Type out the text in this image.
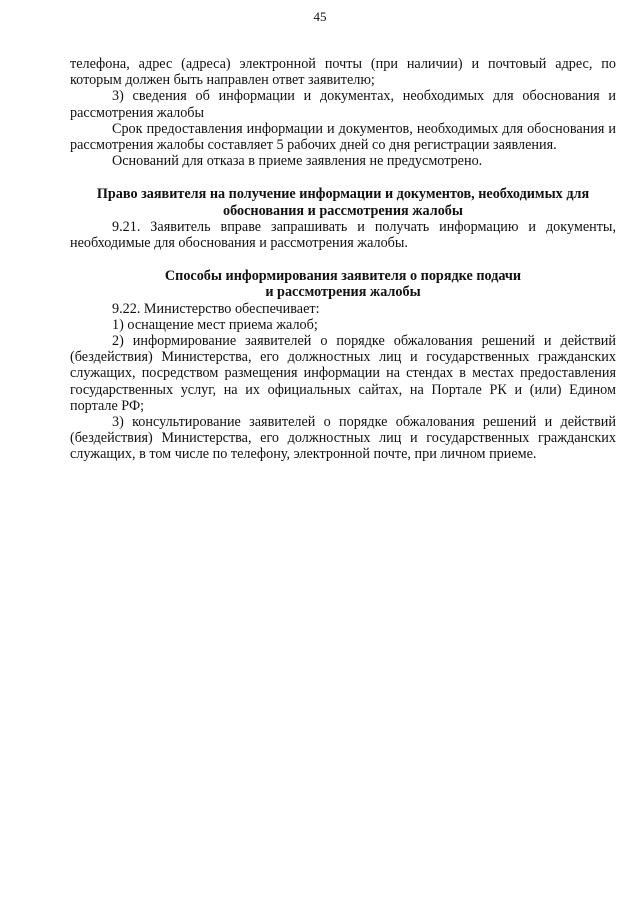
45

телефона, адрес (адреса) электронной почты (при наличии) и почтовый адрес, по которым должен быть направлен ответ заявителю;

3) сведения об информации и документах, необходимых для обоснования и рассмотрения жалобы

Срок предоставления информации и документов, необходимых для обоснования и рассмотрения жалобы составляет 5 рабочих дней со дня регистрации заявления.

Оснований для отказа в приеме заявления не предусмотрено.

Право заявителя на получение информации и документов, необходимых для
обоснования и рассмотрения жалобы

9.21. Заявитель вправе запрашивать и получать информацию и документы, необходимые для обоснования и рассмотрения жалобы.

Способы информирования заявителя о порядке подачи
и рассмотрения жалобы

9.22. Министерство обеспечивает:

1) оснащение мест приема жалоб;

2) информирование заявителей о порядке обжалования решений и действий (бездействия) Министерства, его должностных лиц и государственных гражданских служащих, посредством размещения информации на стендах в местах предоставления государственных услуг, на их официальных сайтах, на Портале РК и (или) Едином портале РФ;

3) консультирование заявителей о порядке обжалования решений и действий (бездействия) Министерства, его должностных лиц и государственных гражданских служащих, в том числе по телефону, электронной почте, при личном приеме.
